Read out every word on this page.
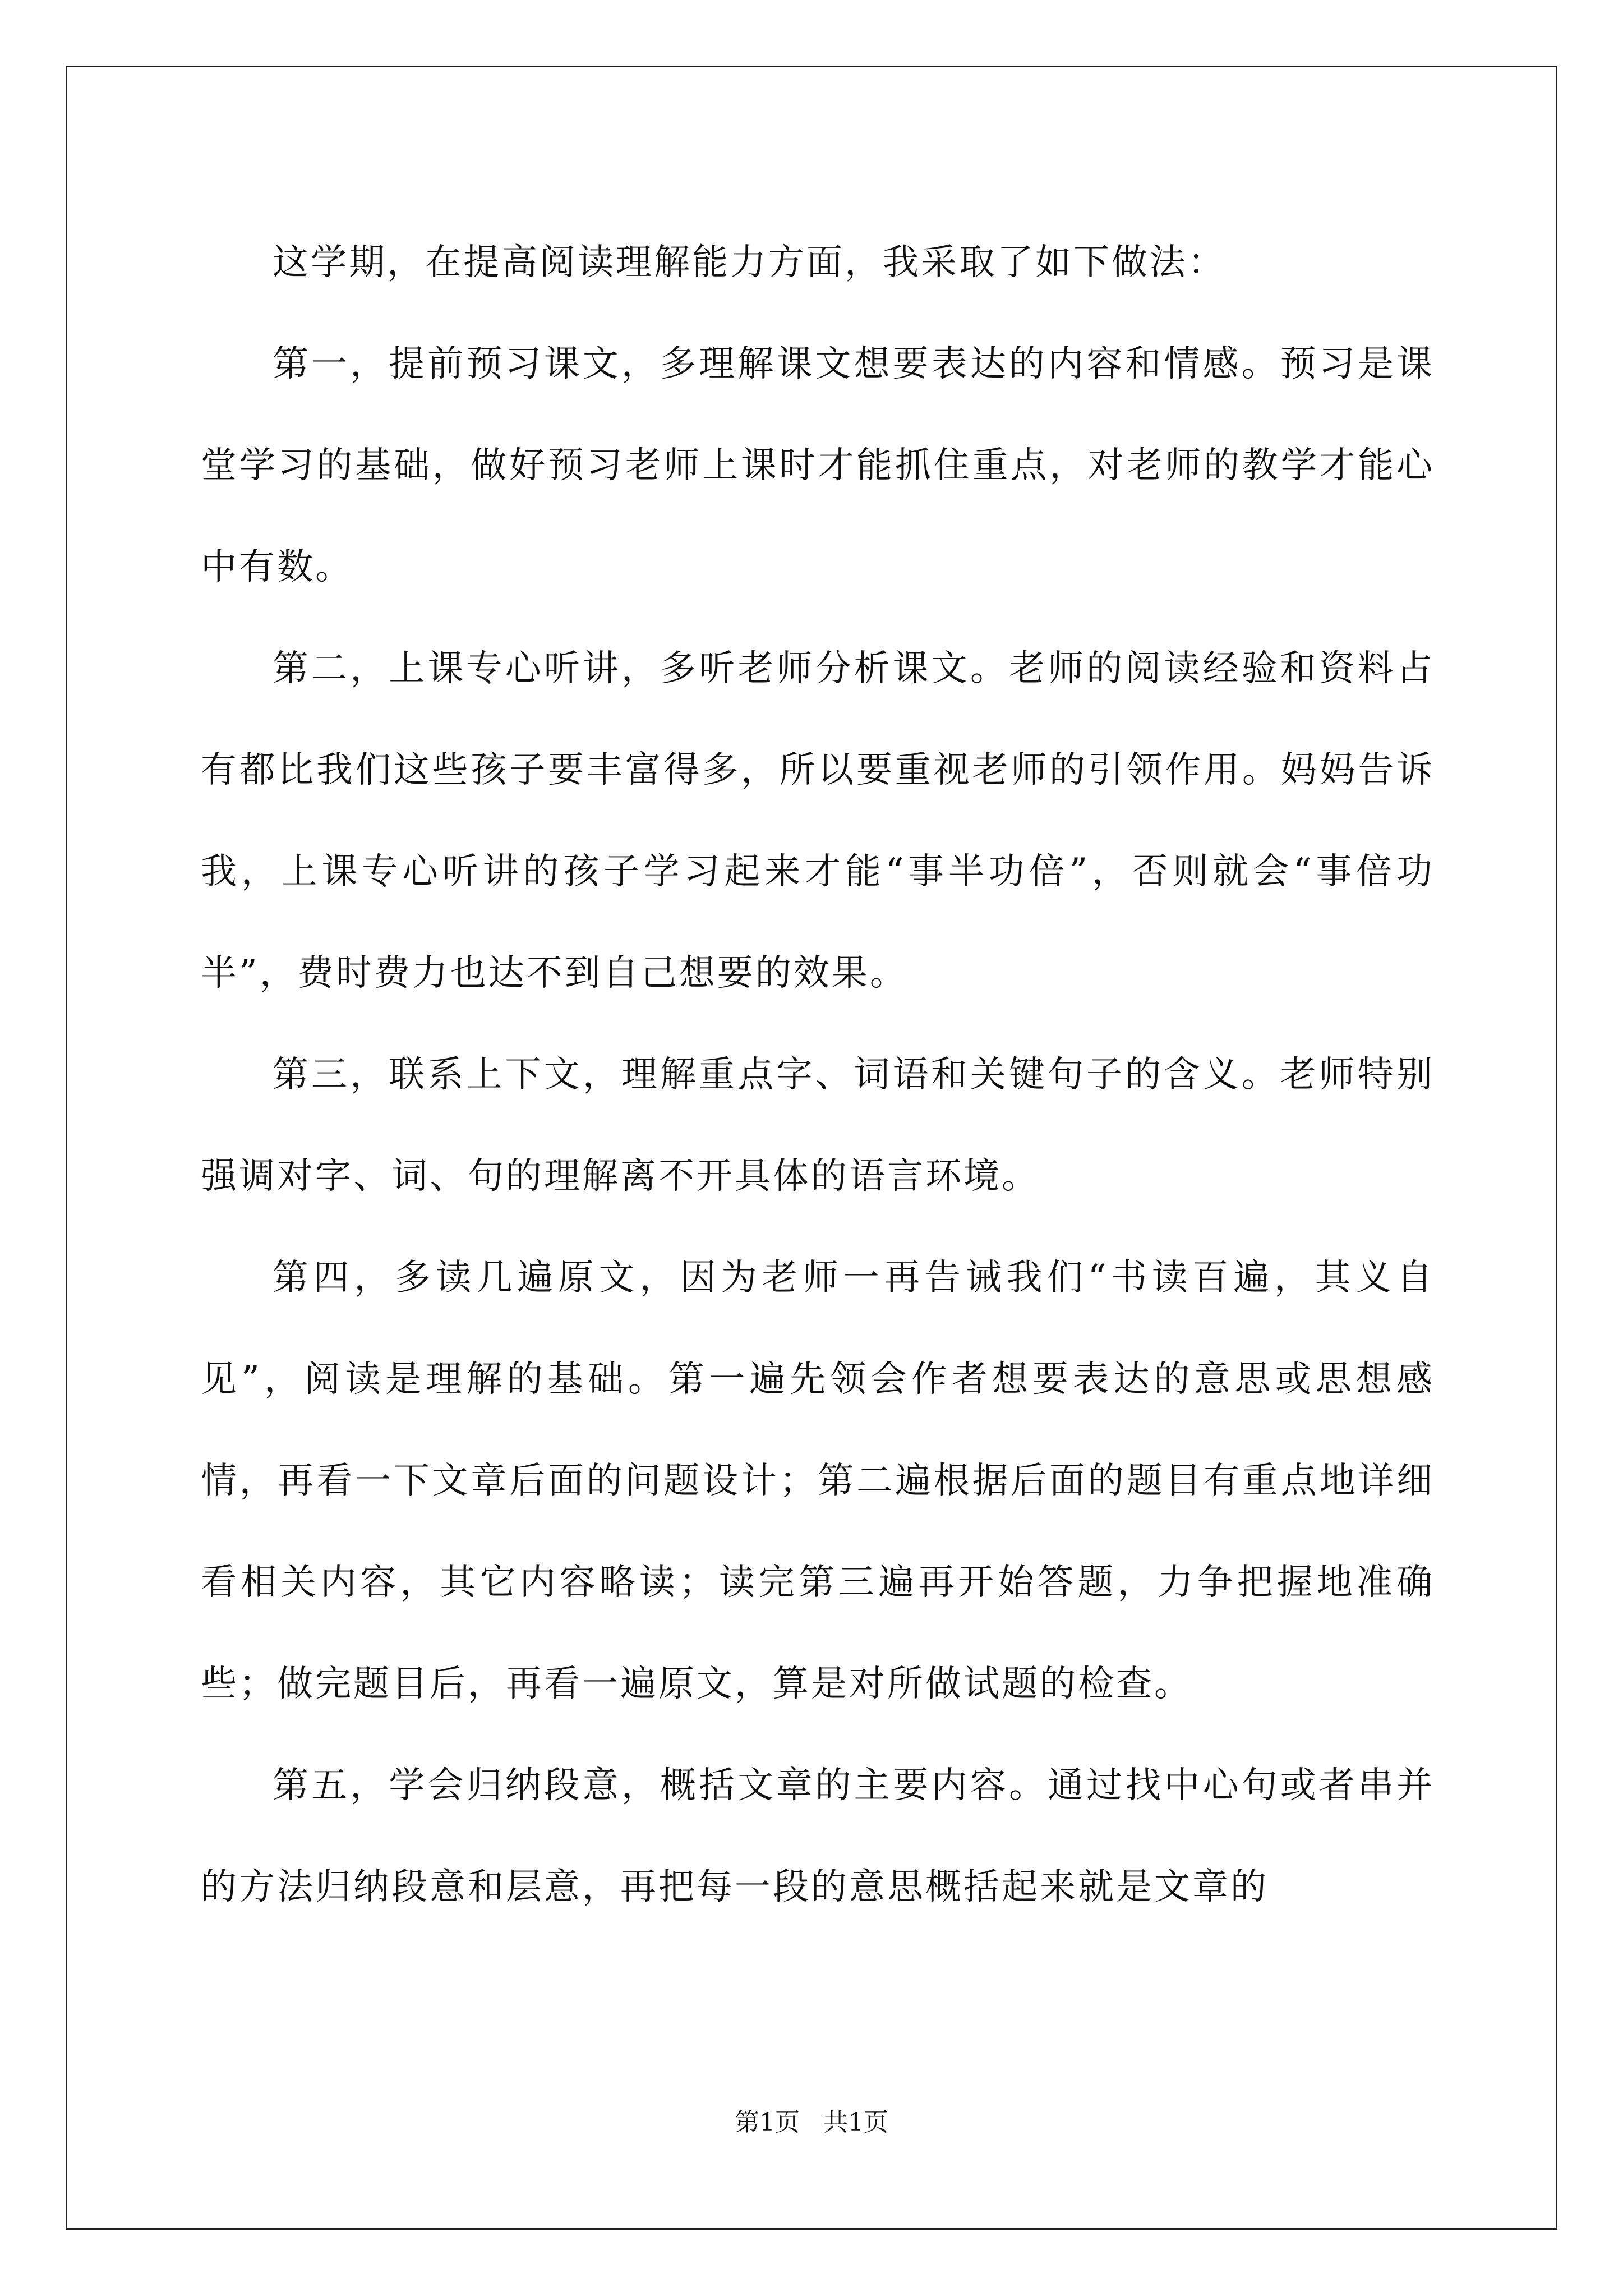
这学期，在提高阅读理解能力方面，我采取了如下做法：

第一，提前预习课文，多理解课文想要表达的内容和情感。预习是课堂学习的基础，做好预习老师上课时才能抓住重点，对老师的教学才能心中有数。

第二，上课专心听讲，多听老师分析课文。老师的阅读经验和资料占有都比我们这些孩子要丰富得多，所以要重视老师的引领作用。妈妈告诉我，上课专心听讲的孩子学习起来才能“事半功倍”，否则就会“事倍功半”，费时费力也达不到自己想要的效果。

第三，联系上下文，理解重点字、词语和关键句子的含义。老师特别强调对字、词、句的理解离不开具体的语言环境。

第四，多读几遍原文，因为老师一再告诫我们“书读百遍，其义自见”，阅读是理解的基础。第一遍先领会作者想要表达的意思或思想感情，再看一下文章后面的问题设计；第二遍根据后面的题目有重点地详细看相关内容，其它内容略读；读完第三遍再开始答题，力争把握地准确些；做完题目后，再看一遍原文，算是对所做试题的检查。

第五，学会归纳段意，概括文章的主要内容。通过找中心句或者串并的方法归纳段意和层意，再把每一段的意思概括起来就是文章的

第1页   共1页
